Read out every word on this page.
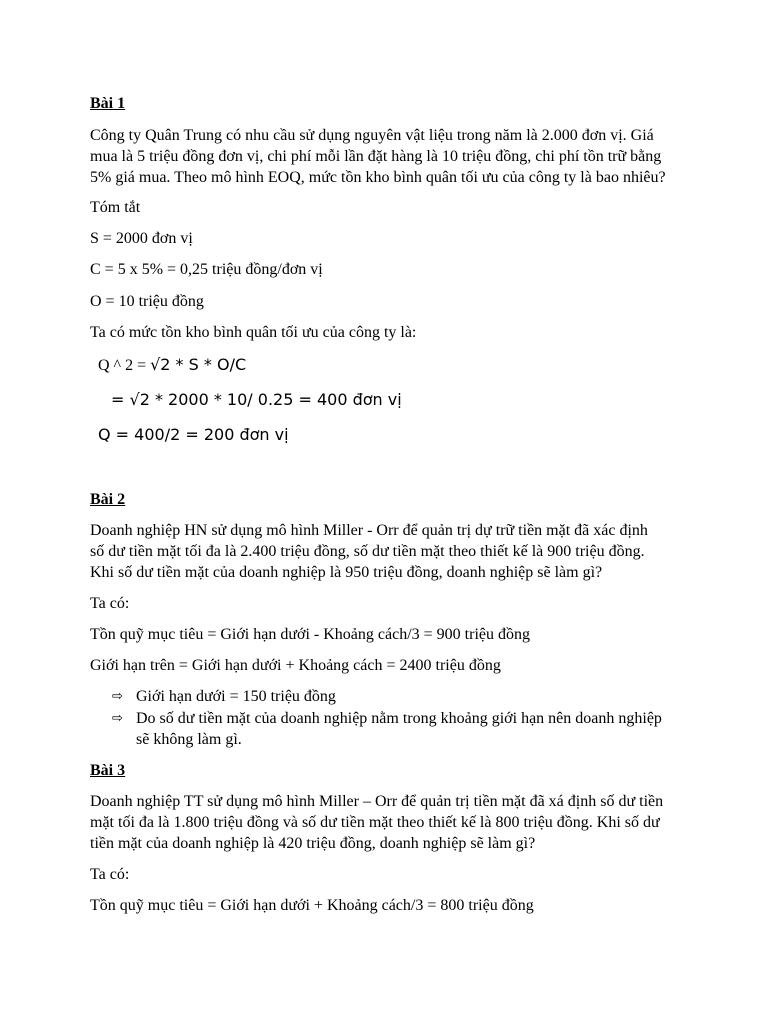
Bài 1

Công ty Quân Trung có nhu cầu sử dụng nguyên vật liệu trong năm là 2.000 đơn vị. Giá

mua là 5 triệu đồng đơn vị, chi phí mỗi lần đặt hàng là 10 triệu đồng, chi phí tồn trữ bằng

5% giá mua. Theo mô hình EOQ, mức tồn kho bình quân tối ưu của công ty là bao nhiêu?

Tóm tắt

S = 2000 đơn vị

C = 5 x 5% = 0,25 triệu đồng/đơn vị

O = 10 triệu đồng

Ta có mức tồn kho bình quân tối ưu của công ty là:

Q ^ 2 = √2 * S * O/C

= √2 * 2000 * 10/ 0.25 = 400 đơn vị

Q = 400/2 = 200 đơn vị

Bài 2

Doanh nghiệp HN sử dụng mô hình Miller - Orr để quản trị dự trữ tiền mặt đã xác định

số dư tiền mặt tối đa là 2.400 triệu đồng, số dư tiền mặt theo thiết kế là 900 triệu đồng.

Khi số dư tiền mặt của doanh nghiệp là 950 triệu đồng, doanh nghiệp sẽ làm gì?

Ta có:

Tồn quỹ mục tiêu = Giới hạn dưới - Khoảng cách/3 = 900 triệu đồng

Giới hạn trên = Giới hạn dưới + Khoảng cách = 2400 triệu đồng

⇨ Giới hạn dưới = 150 triệu đồng
⇨ Do số dư tiền mặt của doanh nghiệp nằm trong khoảng giới hạn nên doanh nghiệp
sẽ không làm gì.

Bài 3

Doanh nghiệp TT sử dụng mô hình Miller – Orr để quản trị tiền mặt đã xá định số dư tiền

mặt tối đa là 1.800 triệu đồng và số dư tiền mặt theo thiết kế là 800 triệu đồng. Khi số dư

tiền mặt của doanh nghiệp là 420 triệu đồng, doanh nghiệp sẽ làm gì?

Ta có:

Tồn quỹ mục tiêu = Giới hạn dưới + Khoảng cách/3 = 800 triệu đồng
